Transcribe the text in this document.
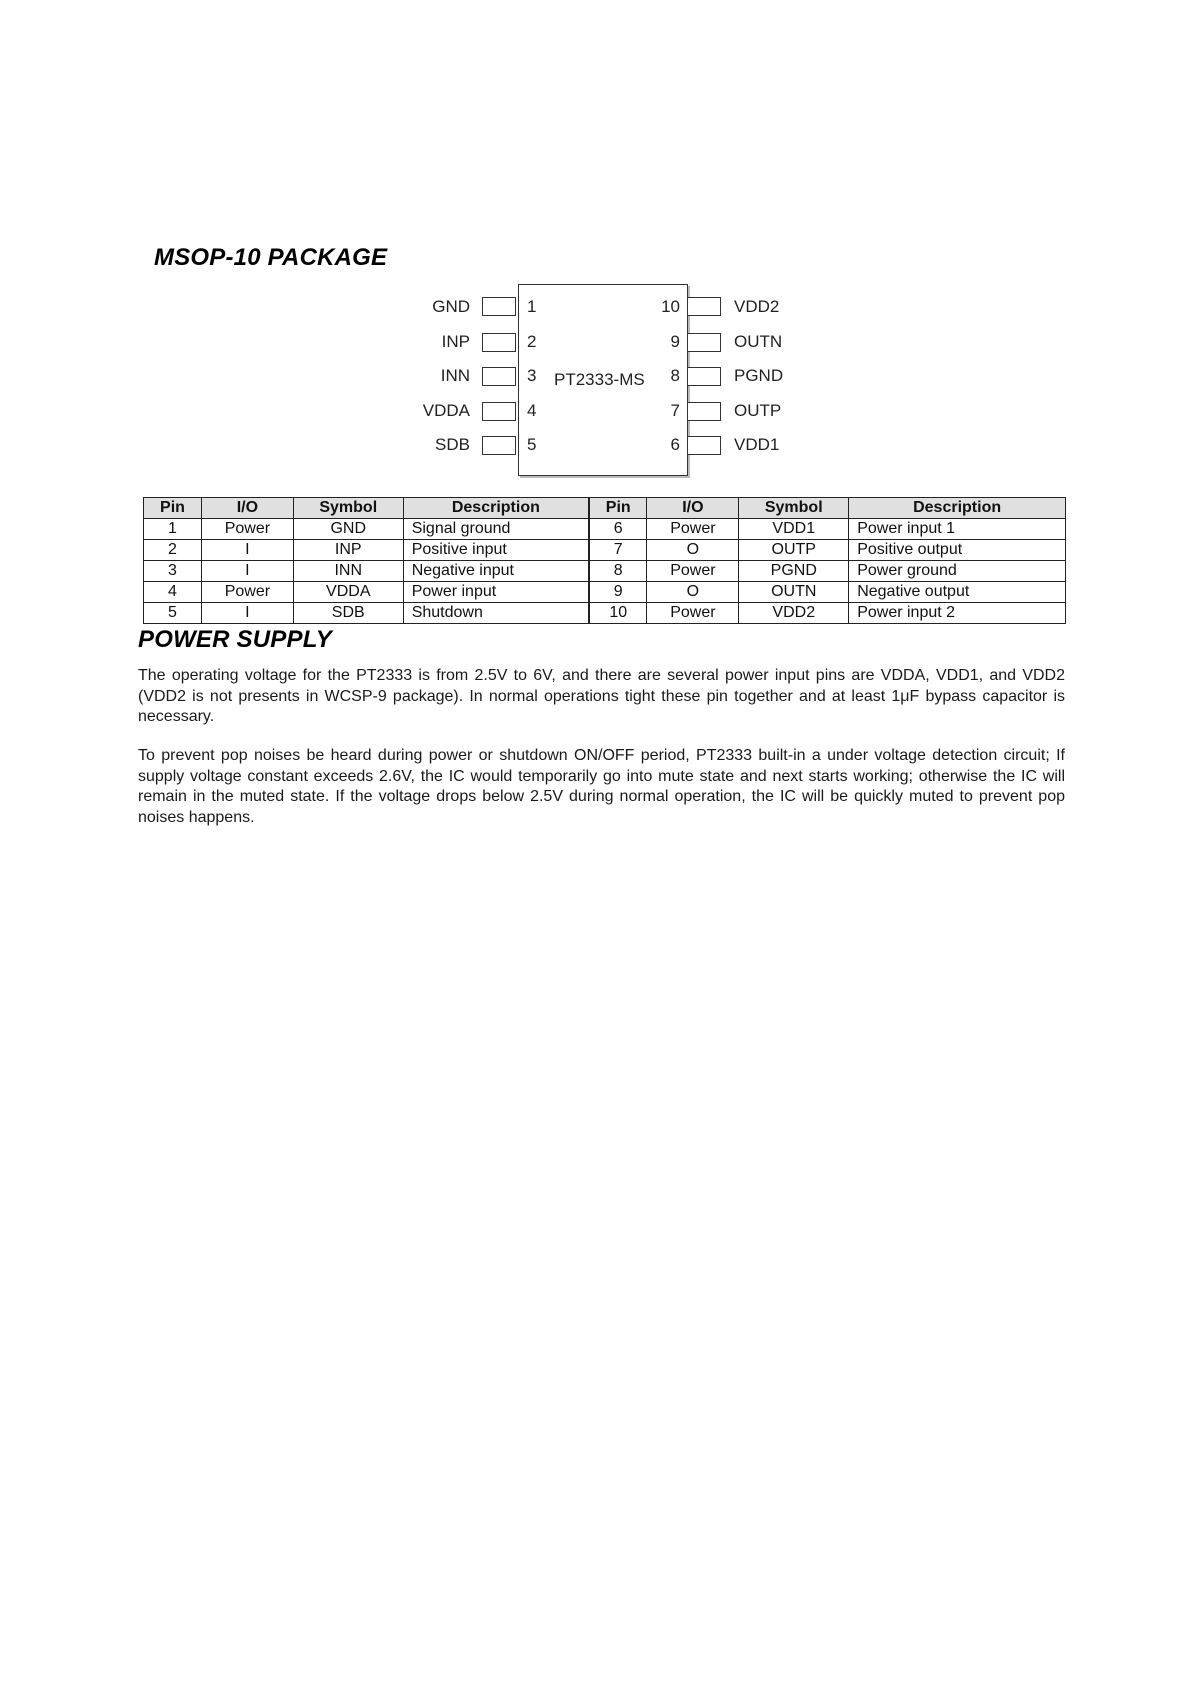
MSOP-10 PACKAGE
PT2333-MS
GND	1
INP	2
INN	3
VDDA	4
SDB	5
10	VDD2
9	OUTN
8	PGND
7	OUTP
6	VDD1
Pin	I/O	Symbol	Description	Pin	I/O	Symbol	Description
1	Power	GND	Signal ground	6	Power	VDD1	Power input 1
2	I	INP	Positive input	7	O	OUTP	Positive output
3	I	INN	Negative input	8	Power	PGND	Power ground
4	Power	VDDA	Power input	9	O	OUTN	Negative output
5	I	SDB	Shutdown	10	Power	VDD2	Power input 2
POWER SUPPLY

The operating voltage for the PT2333 is from 2.5V to 6V, and there are several power input pins are VDDA, VDD1, and VDD2 (VDD2 is not presents in WCSP-9 package). In normal operations tight these pin together and at least 1μF bypass capacitor is necessary.

To prevent pop noises be heard during power or shutdown ON/OFF period, PT2333 built-in a under voltage detection circuit; If supply voltage constant exceeds 2.6V, the IC would temporarily go into mute state and next starts working; otherwise the IC will remain in the muted state. If the voltage drops below 2.5V during normal operation, the IC will be quickly muted to prevent pop noises happens.
